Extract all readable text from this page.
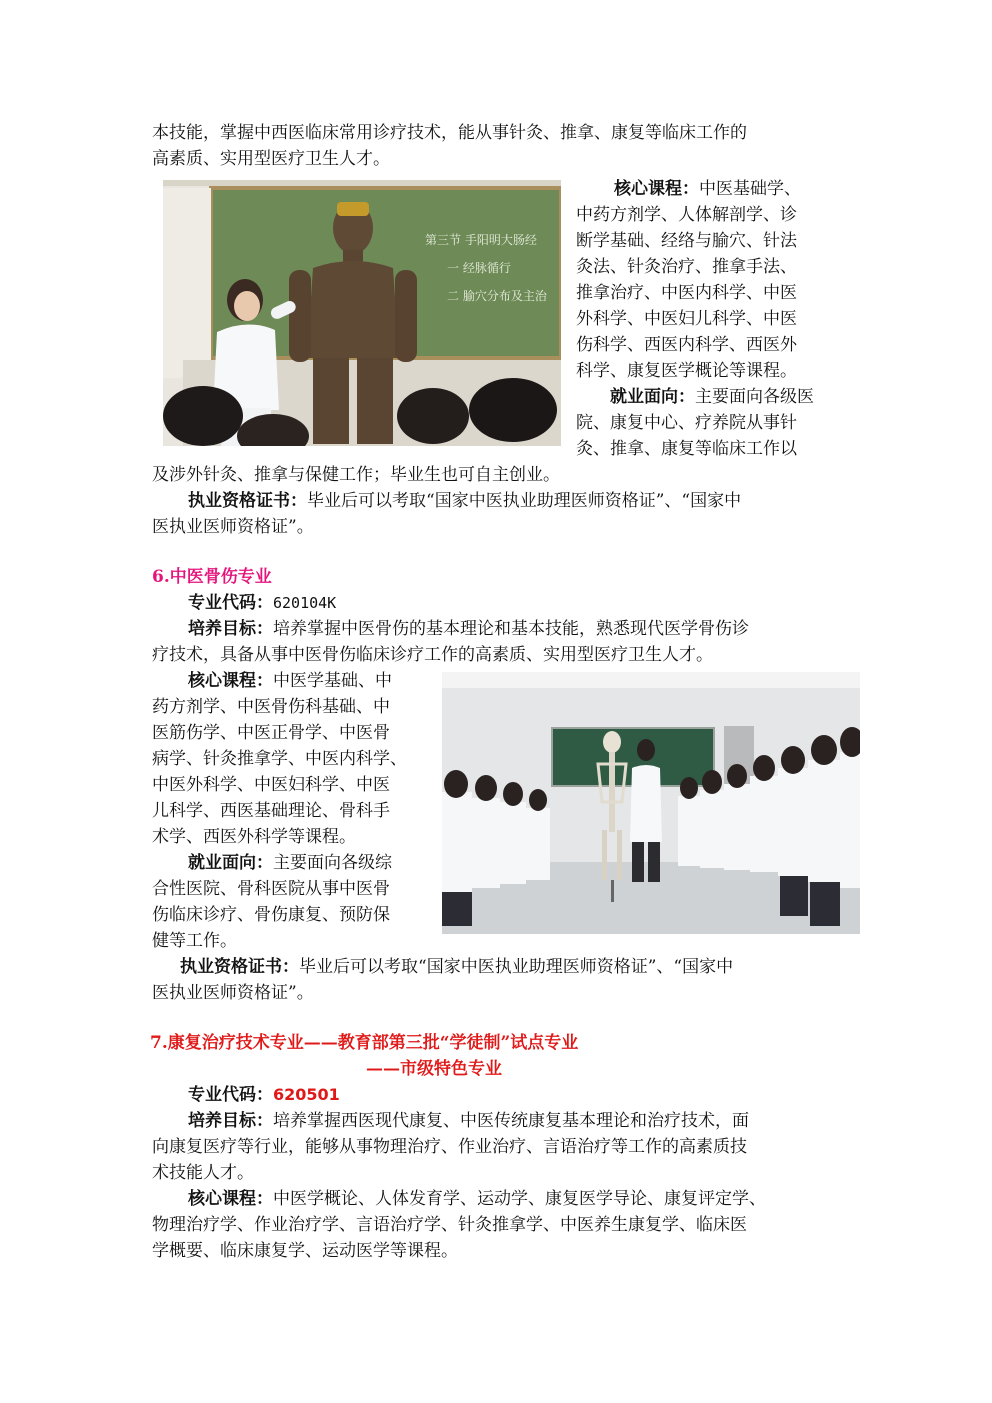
本技能，掌握中西医临床常用诊疗技术，能从事针灸、推拿、康复等临床工作的
高素质、实用型医疗卫生人才。
第三节 手阳明大肠经
一 经脉循行
二 腧穴分布及主治
核心课程：中医基础学、
中药方剂学、人体解剖学、诊
断学基础、经络与腧穴、针法
灸法、针灸治疗、推拿手法、
推拿治疗、中医内科学、中医
外科学、中医妇儿科学、中医
伤科学、西医内科学、西医外
科学、康复医学概论等课程。
就业面向：主要面向各级医
院、康复中心、疗养院从事针
灸、推拿、康复等临床工作以
及涉外针灸、推拿与保健工作；毕业生也可自主创业。
执业资格证书：毕业后可以考取“国家中医执业助理医师资格证”、“国家中
医执业医师资格证”。
6.中医骨伤专业
专业代码：620104K
培养目标：培养掌握中医骨伤的基本理论和基本技能，熟悉现代医学骨伤诊
疗技术，具备从事中医骨伤临床诊疗工作的高素质、实用型医疗卫生人才。
核心课程：中医学基础、中
药方剂学、中医骨伤科基础、中
医筋伤学、中医正骨学、中医骨
病学、针灸推拿学、中医内科学、
中医外科学、中医妇科学、中医
儿科学、西医基础理论、骨科手
术学、西医外科学等课程。
就业面向：主要面向各级综
合性医院、骨科医院从事中医骨
伤临床诊疗、骨伤康复、预防保
健等工作。
执业资格证书：毕业后可以考取“国家中医执业助理医师资格证”、“国家中
医执业医师资格证”。
7.康复治疗技术专业——教育部第三批“学徒制”试点专业
——市级特色专业
专业代码：620501
培养目标：培养掌握西医现代康复、中医传统康复基本理论和治疗技术，面
向康复医疗等行业，能够从事物理治疗、作业治疗、言语治疗等工作的高素质技
术技能人才。
核心课程：中医学概论、人体发育学、运动学、康复医学导论、康复评定学、
物理治疗学、作业治疗学、言语治疗学、针灸推拿学、中医养生康复学、临床医
学概要、临床康复学、运动医学等课程。
